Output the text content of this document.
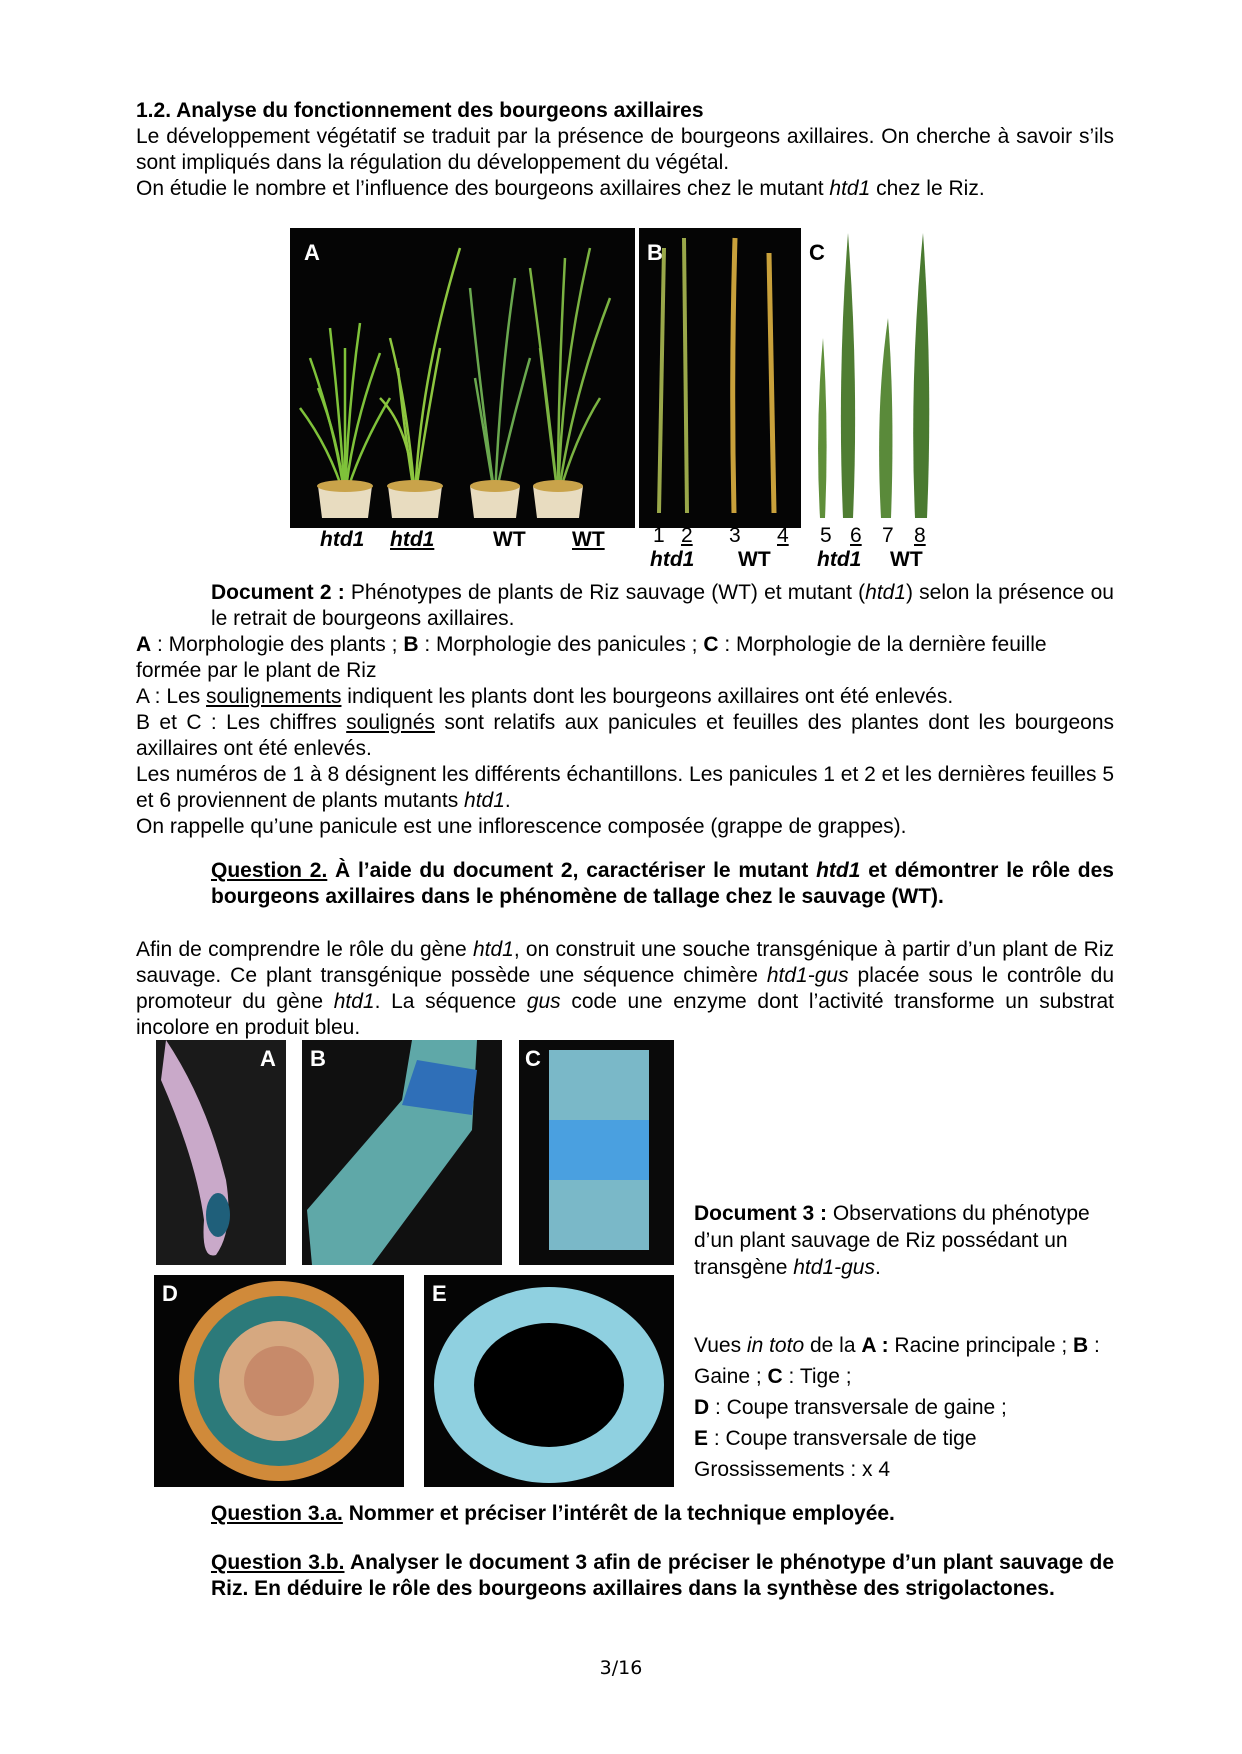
1.2. Analyse du fonctionnement des bourgeons axillaires
Le développement végétatif se traduit par la présence de bourgeons axillaires. On cherche à savoir s’ils sont impliqués dans la régulation du développement du végétal.
On étudie le nombre et l’influence des bourgeons axillaires chez le mutant htd1 chez le Riz.
A	B	C
htd1 htd1	WT WT 1 2 3 4 5 6 7 8
htd1 WT htd1 WT
Document 2 : Phénotypes de plants de Riz sauvage (WT) et mutant (htd1) selon la présence ou le retrait de bourgeons axillaires.

A : Morphologie des plants ; B : Morphologie des panicules ; C : Morphologie de la dernière feuille formée par le plant de Riz

A : Les soulignements indiquent les plants dont les bourgeons axillaires ont été enlevés.

B et C : Les chiffres soulignés sont relatifs aux panicules et feuilles des plantes dont les bourgeons axillaires ont été enlevés.

Les numéros de 1 à 8 désignent les différents échantillons. Les panicules 1 et 2 et les dernières feuilles 5 et 6 proviennent de plants mutants htd1.

On rappelle qu’une panicule est une inflorescence composée (grappe de grappes).

Question 2. À l’aide du document 2, caractériser le mutant htd1 et démontrer le rôle des bourgeons axillaires dans le phénomène de tallage chez le sauvage (WT).
Afin de comprendre le rôle du gène htd1, on construit une souche transgénique à partir d’un plant de Riz sauvage. Ce plant transgénique possède une séquence chimère htd1-gus placée sous le contrôle du promoteur du gène htd1. La séquence gus code une enzyme dont l’activité transforme un substrat incolore en produit bleu.
A B	C
D	E
Document 3 : Observations du phénotype d’un plant sauvage de Riz possédant un transgène htd1-gus.
Vues in toto de la A : Racine principale ; B : Gaine ; C : Tige ;
D : Coupe transversale de gaine ;
E : Coupe transversale de tige
Grossissements : x 4
Question 3.a. Nommer et préciser l’intérêt de la technique employée.
Question 3.b. Analyser le document 3 afin de préciser le phénotype d’un plant sauvage de Riz. En déduire le rôle des bourgeons axillaires dans la synthèse des strigolactones.
3/16
